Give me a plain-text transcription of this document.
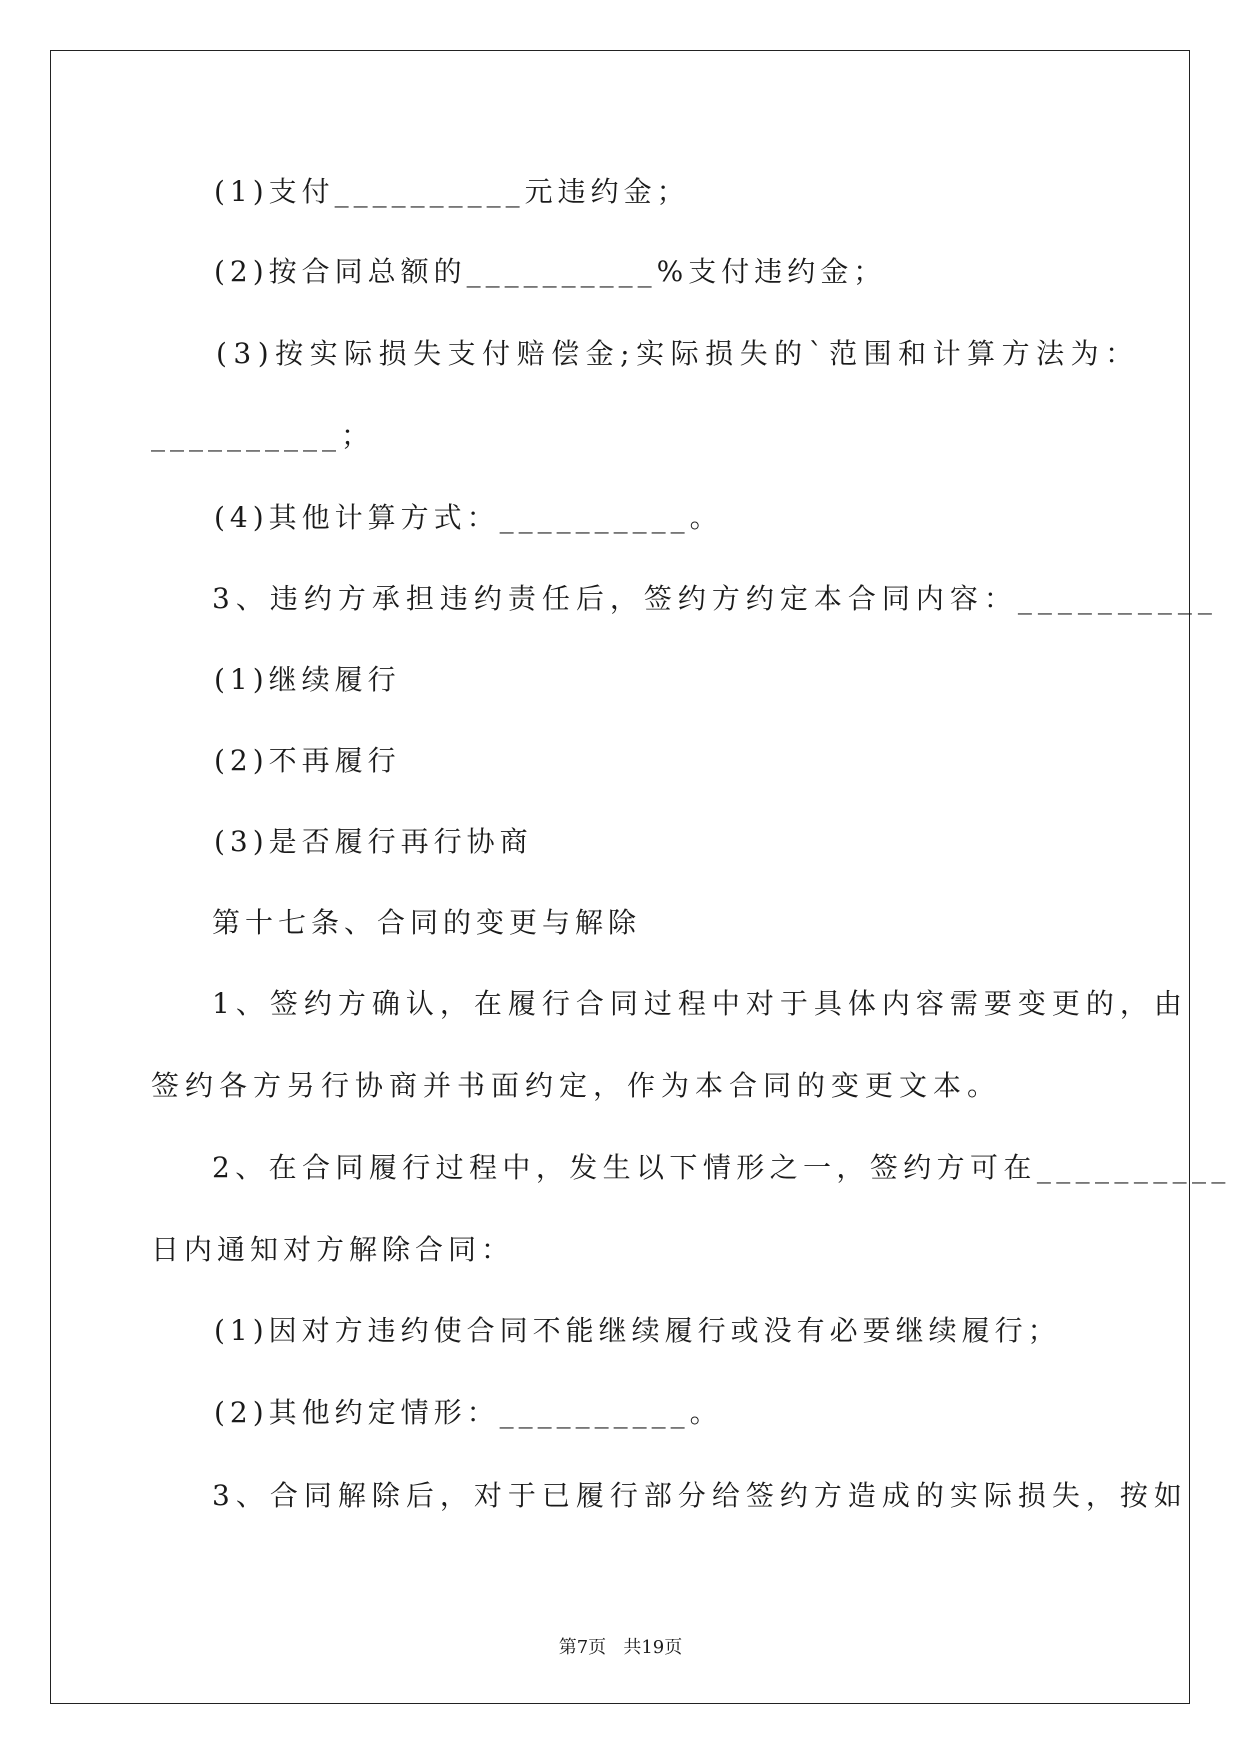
(1)支付__________元违约金；
(2)按合同总额的__________%支付违约金；
(3)按实际损失支付赔偿金;实际损失的`范围和计算方法为：
__________；
(4)其他计算方式：__________。
3、违约方承担违约责任后，签约方约定本合同内容：__________
(1)继续履行
(2)不再履行
(3)是否履行再行协商
第十七条、合同的变更与解除
1、签约方确认，在履行合同过程中对于具体内容需要变更的，由
签约各方另行协商并书面约定，作为本合同的变更文本。
2、在合同履行过程中，发生以下情形之一，签约方可在__________
日内通知对方解除合同：
(1)因对方违约使合同不能继续履行或没有必要继续履行；
(2)其他约定情形：__________。
3、合同解除后，对于已履行部分给签约方造成的实际损失，按如
第7页   共19页
